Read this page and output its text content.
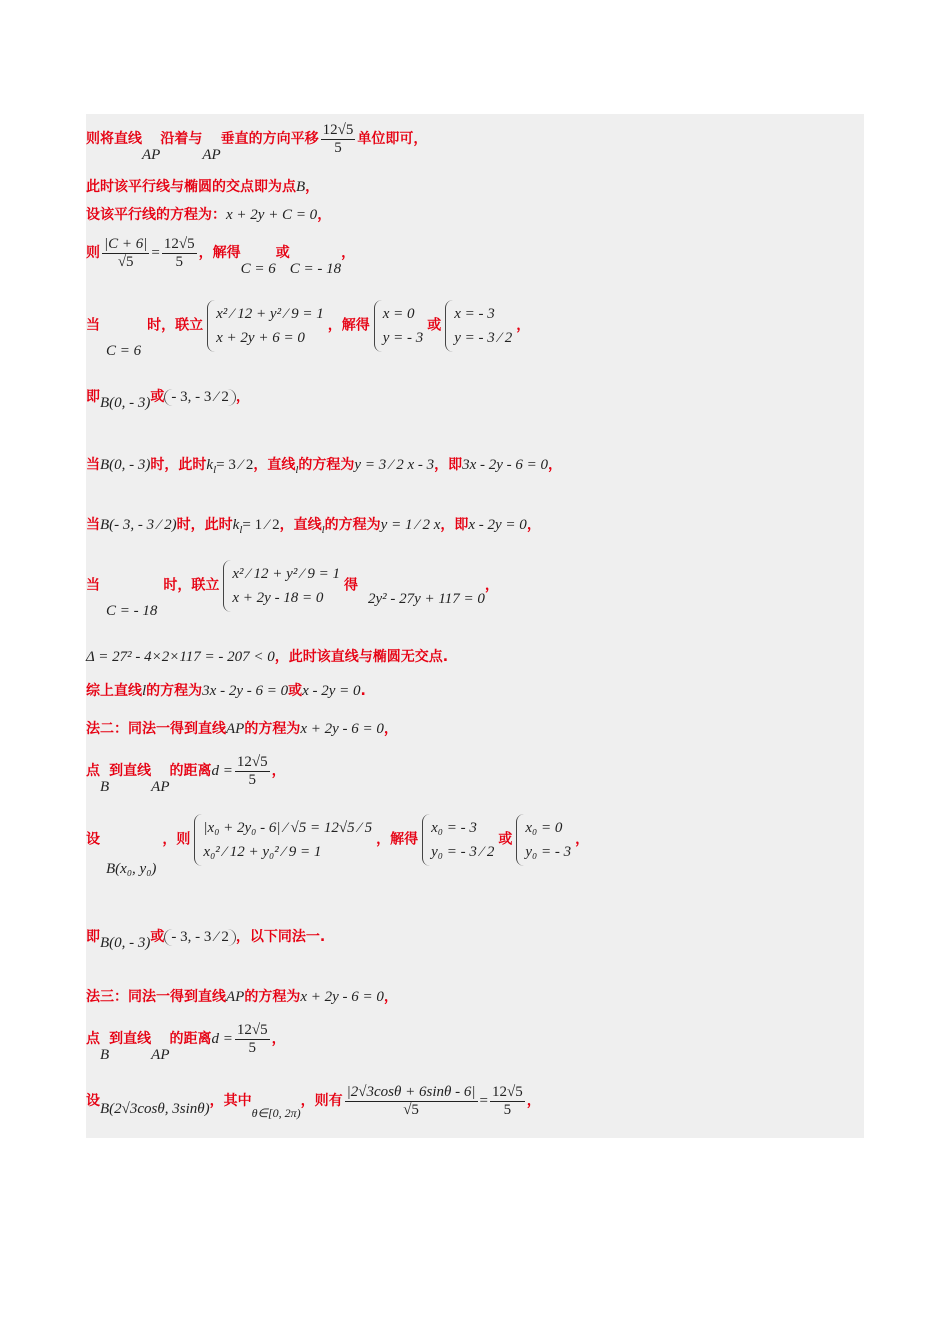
则将直线AP沿着与AP垂直的方向平移 $\frac{12√5}{5}$ 单位即可，
此时该平行线与椭圆的交点即为点B，
设该平行线的方程为：x + 2y + C = 0，
则 $\frac{|C + 6|}{√5} = \frac{12√5}{5}$ ，解得C = 6或C = - 18，
当C = 6时，联立
x² ⁄ 12 + y² ⁄ 9 = 1
x + 2y + 6 = 0
，解得
x = 0
y = - 3
或
x = - 3
y = - 3 ⁄ 2
，
即B(0, - 3)或 - 3, - 3 ⁄ 2 ，
当B(0, - 3)时，此时$k_l= 3$ ⁄ 2，直线$_l$的方程为y = 3 ⁄ 2 x - 3，即3x - 2y - 6 = 0，
当B(- 3, - 3 ⁄ 2)时，此时$k_l= 1$ ⁄ 2，直线$_l$的方程为y = 1 ⁄ 2 x，即x - 2y = 0，
当C = - 18时，联立
x² ⁄ 12 + y² ⁄ 9 = 1
x + 2y - 18 = 0
得2y² - 27y + 117 = 0，
Δ = 27² - 4×2×117 = - 207 < 0，此时该直线与椭圆无交点.
综上直线l的方程为3x - 2y - 6 = 0或x - 2y = 0.
法二：同法一得到直线AP的方程为x + 2y - 6 = 0，
点B到直线AP的距离$d = \frac{12√5}{5}$ ，
设B(x₀, y₀)，则
|x₀ + 2y₀ - 6| ⁄ √5 = 12√5 ⁄ 5
x₀² ⁄ 12 + y₀² ⁄ 9 = 1
，解得
x₀ = - 3
y₀ = - 3 ⁄ 2
或
x₀ = 0
y₀ = - 3
，
即B(0, - 3)或 - 3, - 3 ⁄ 2 ，以下同法一.
法三：同法一得到直线AP的方程为x + 2y - 6 = 0，
点B到直线AP的距离$d = \frac{12√5}{5}$ ，
设B(2√3cosθ, 3sinθ)，其中θ∈[0, 2π)，则有 $\frac{|2√3\cos\theta + 6\sin\theta - 6|}{√5} = \frac{12√5}{5}$ ，
